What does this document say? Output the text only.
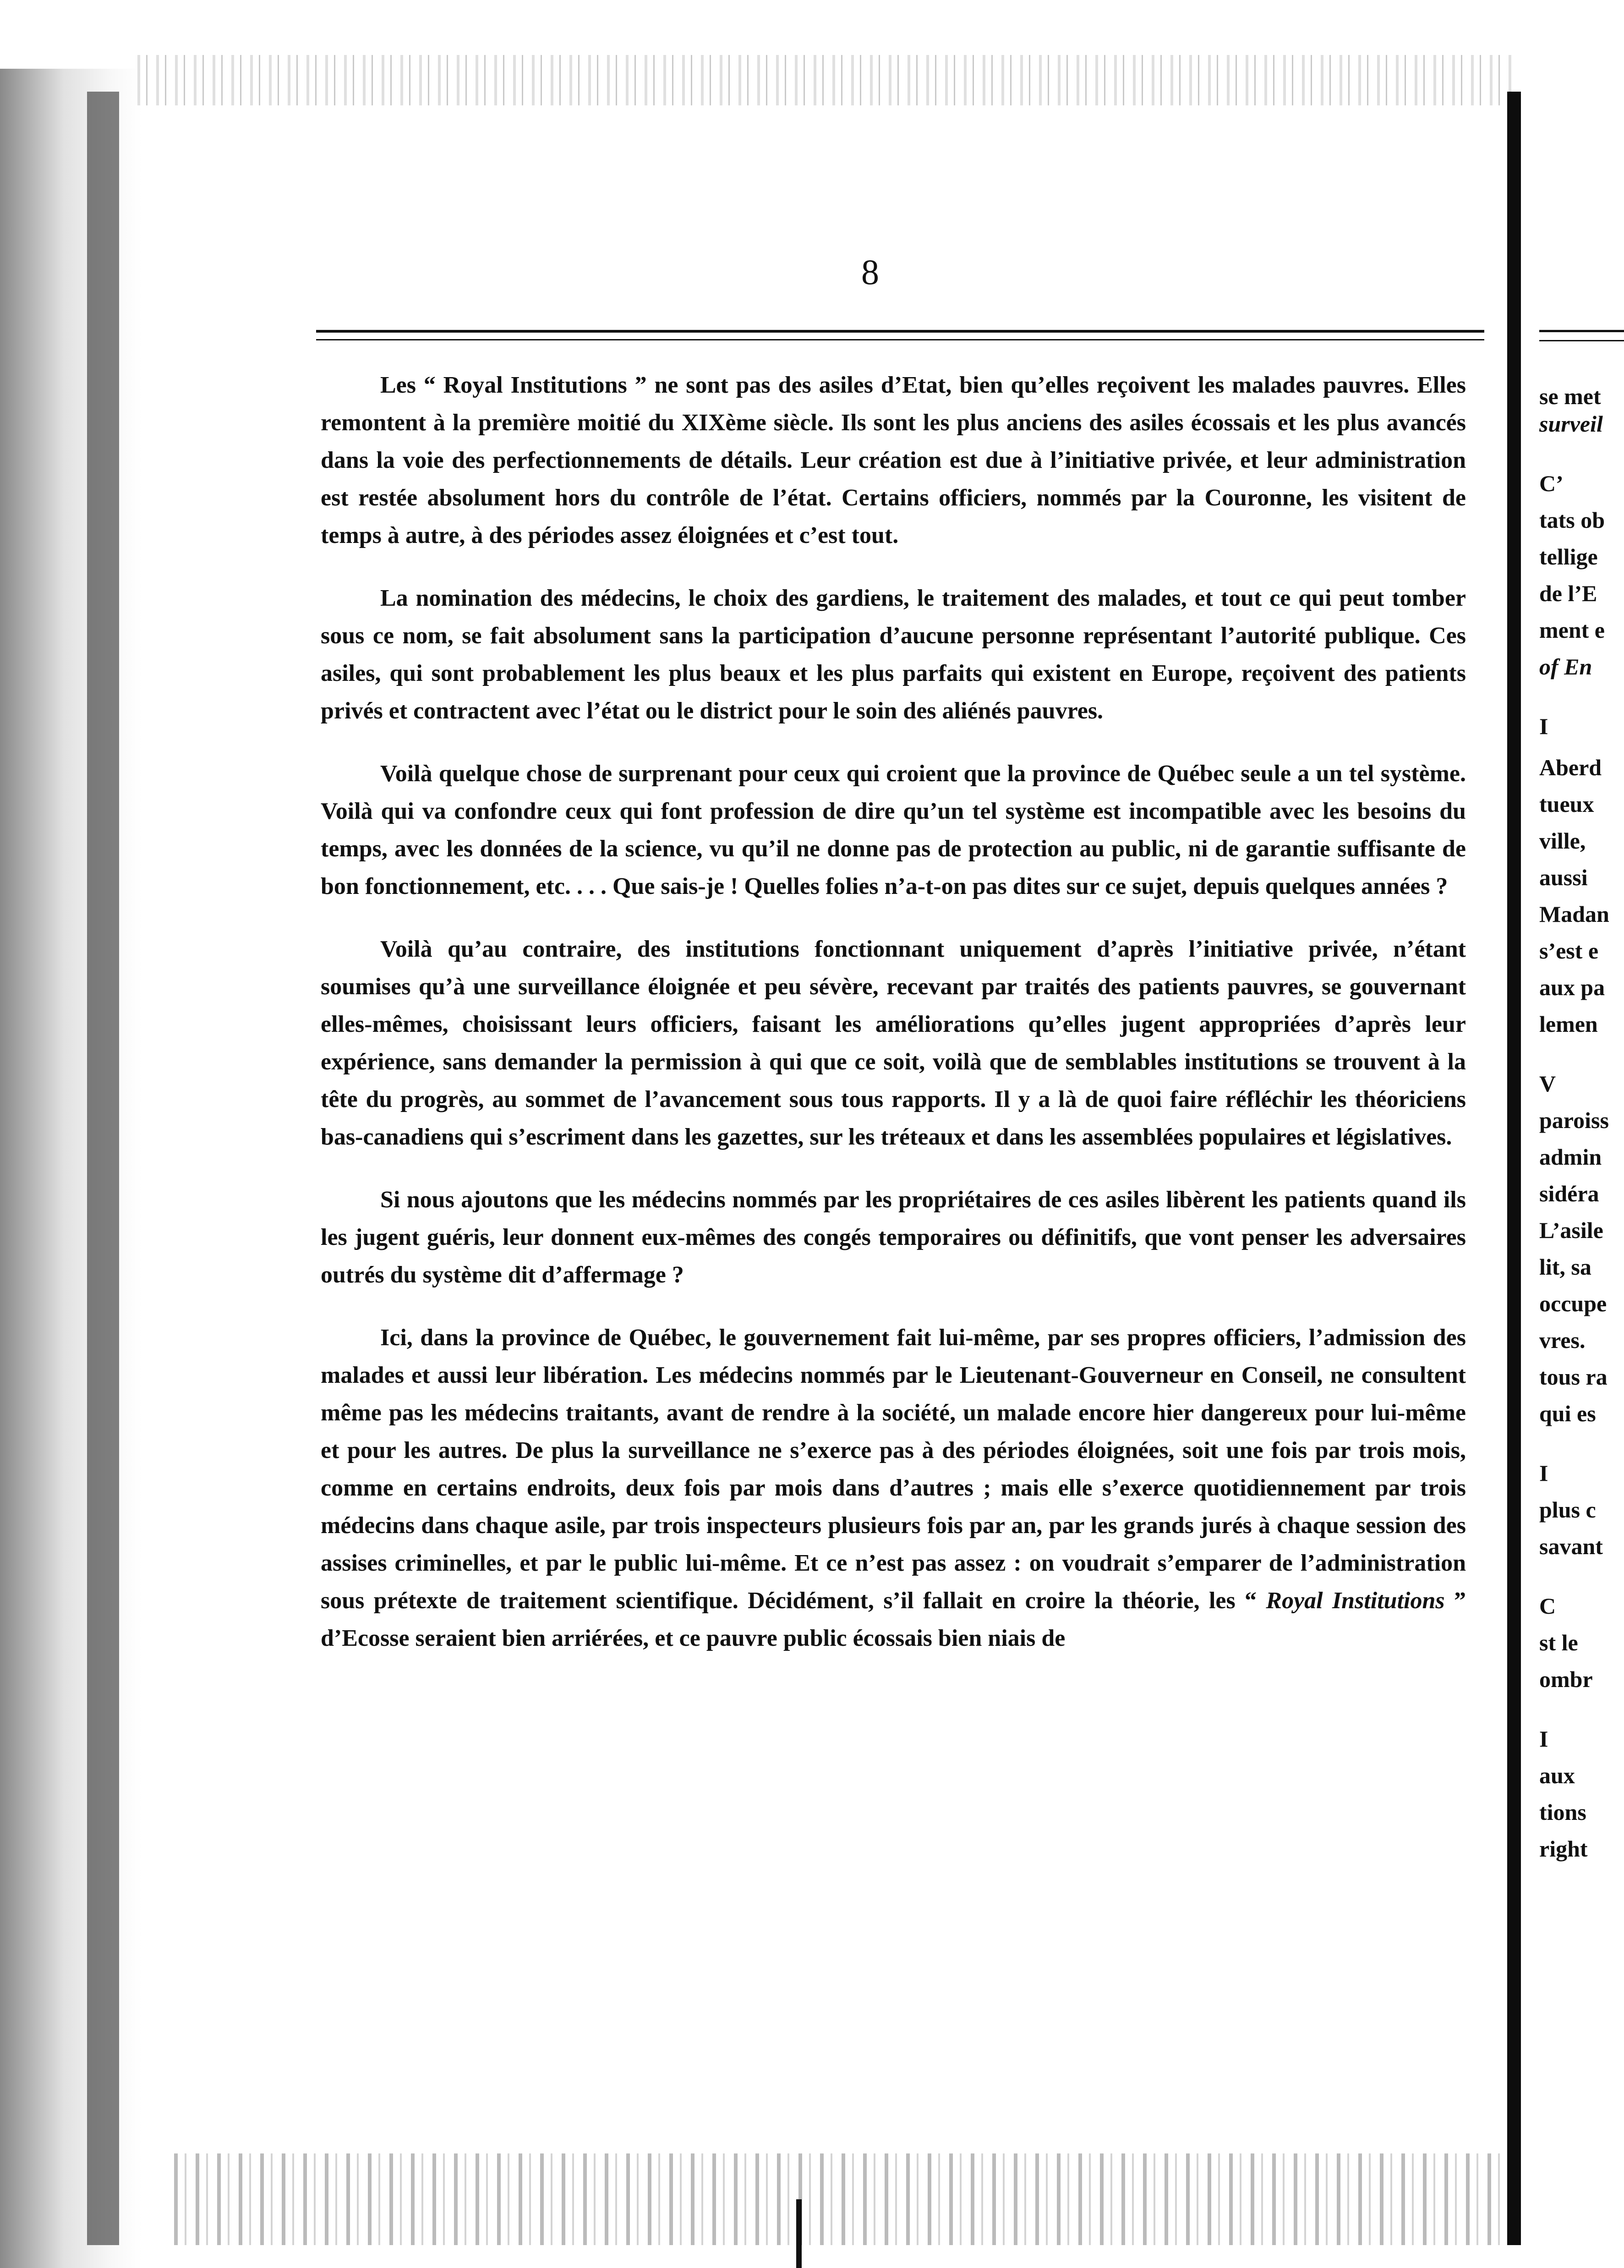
8

Les “ Royal Institutions ” ne sont pas des asiles d’Etat, bien qu’elles reçoivent les malades pauvres. Elles remontent à la première moitié du XIXème siècle. Ils sont les plus anciens des asiles écossais et les plus avancés dans la voie des perfectionnements de détails. Leur création est due à l’initiative privée, et leur administration est restée absolument hors du contrôle de l’état. Certains officiers, nommés par la Couronne, les visitent de temps à autre, à des périodes assez éloignées et c’est tout.

La nomination des médecins, le choix des gardiens, le traitement des malades, et tout ce qui peut tomber sous ce nom, se fait absolument sans la participation d’aucune personne représentant l’autorité publique. Ces asiles, qui sont probablement les plus beaux et les plus parfaits qui existent en Europe, reçoivent des patients privés et contractent avec l’état ou le district pour le soin des aliénés pauvres.

Voilà quelque chose de surprenant pour ceux qui croient que la province de Québec seule a un tel système. Voilà qui va confondre ceux qui font profession de dire qu’un tel système est incompatible avec les besoins du temps, avec les données de la science, vu qu’il ne donne pas de protection au public, ni de garantie suffisante de bon fonctionnement, etc. . . . Que sais-je ! Quelles folies n’a-t-on pas dites sur ce sujet, depuis quelques années ?

Voilà qu’au contraire, des institutions fonctionnant uniquement d’après l’initiative privée, n’étant soumises qu’à une surveillance éloignée et peu sévère, recevant par traités des patients pauvres, se gouvernant elles-mêmes, choisissant leurs officiers, faisant les améliorations qu’elles jugent appropriées d’après leur expérience, sans demander la permission à qui que ce soit, voilà que de semblables institutions se trouvent à la tête du progrès, au sommet de l’avancement sous tous rapports. Il y a là de quoi faire réfléchir les théoriciens bas-canadiens qui s’escriment dans les gazettes, sur les tréteaux et dans les assemblées populaires et législatives.

Si nous ajoutons que les médecins nommés par les propriétaires de ces asiles libèrent les patients quand ils les jugent guéris, leur donnent eux-mêmes des congés temporaires ou définitifs, que vont penser les adversaires outrés du système dit d’affermage ?

Ici, dans la province de Québec, le gouvernement fait lui-même, par ses propres officiers, l’admission des malades et aussi leur libération. Les médecins nommés par le Lieutenant-Gouverneur en Conseil, ne consultent même pas les médecins traitants, avant de rendre à la société, un malade encore hier dangereux pour lui-même et pour les autres. De plus la surveillance ne s’exerce pas à des périodes éloignées, soit une fois par trois mois, comme en certains endroits, deux fois par mois dans d’autres ; mais elle s’exerce quotidiennement par trois médecins dans chaque asile, par trois inspecteurs plusieurs fois par an, par les grands jurés à chaque session des assises criminelles, et par le public lui-même. Et ce n’est pas assez : on voudrait s’emparer de l’administration sous prétexte de traitement scientifique. Décidément, s’il fallait en croire la théorie, les “ Royal Institutions ” d’Ecosse seraient bien arriérées, et ce pauvre public écossais bien niais de

se met
surveil
C’
tats ob
tellige
de l’E
ment e
of En
I
Aberd
tueux
ville,
aussi
Madan
s’est e
aux pa
lemen
V
paroiss
admin
sidéra
L’asile
lit, sa
occupe
vres.
tous ra
qui es
I
plus c
savant
C
st le
ombr
I
aux
tions
right
